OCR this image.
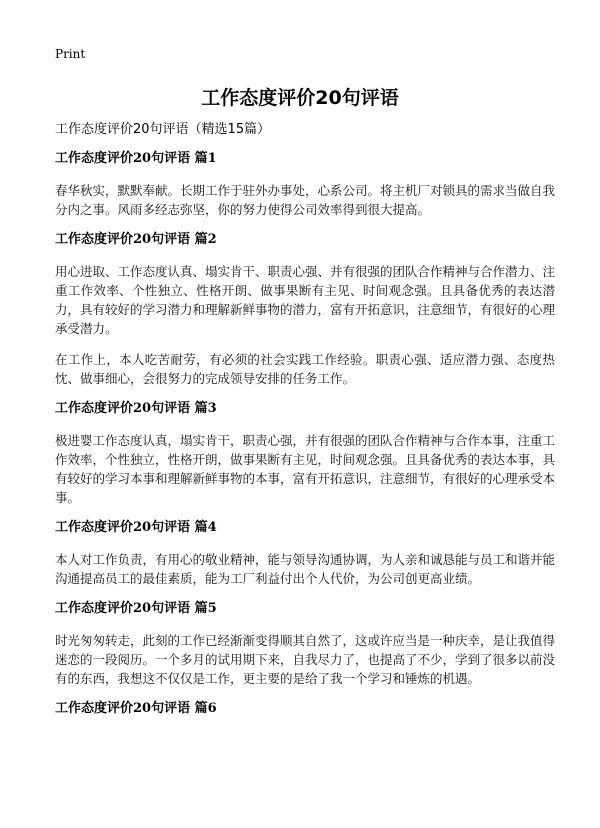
Print
工作态度评价20句评语
工作态度评价20句评语（精选15篇）
工作态度评价20句评语 篇1

春华秋实，默默奉献。长期工作于驻外办事处，心系公司。将主机厂对锁具的需求当做自我分内之事。风雨多经志弥坚，你的努力使得公司效率得到很大提高。

工作态度评价20句评语 篇2

用心进取、工作态度认真、塌实肯干、职责心强、并有很强的团队合作精神与合作潜力、注重工作效率、个性独立、性格开朗、做事果断有主见、时间观念强。且具备优秀的表达潜力，具有较好的学习潜力和理解新鲜事物的潜力，富有开拓意识，注意细节，有很好的心理承受潜力。

在工作上，本人吃苦耐劳，有必须的社会实践工作经验。职责心强、适应潜力强、态度热忱、做事细心，会很努力的完成领导安排的任务工作。

工作态度评价20句评语 篇3

极进婴工作态度认真，塌实肯干，职责心强，并有很强的团队合作精神与合作本事，注重工作效率，个性独立，性格开朗，做事果断有主见，时间观念强。且具备优秀的表达本事，具有较好的学习本事和理解新鲜事物的本事，富有开拓意识，注意细节，有很好的心理承受本事。

工作态度评价20句评语 篇4

本人对工作负责，有用心的敬业精神，能与领导沟通协调，为人亲和诚恳能与员工和谐并能沟通提高员工的最佳素质，能为工厂利益付出个人代价，为公司创更高业绩。

工作态度评价20句评语 篇5

时光匆匆转走，此刻的工作已经渐渐变得顺其自然了，这或许应当是一种庆幸，是让我值得迷恋的一段阅历。一个多月的试用期下来，自我尽力了，也提高了不少，学到了很多以前没有的东西，我想这不仅仅是工作，更主要的是给了我一个学习和锤炼的机遇。

工作态度评价20句评语 篇6
